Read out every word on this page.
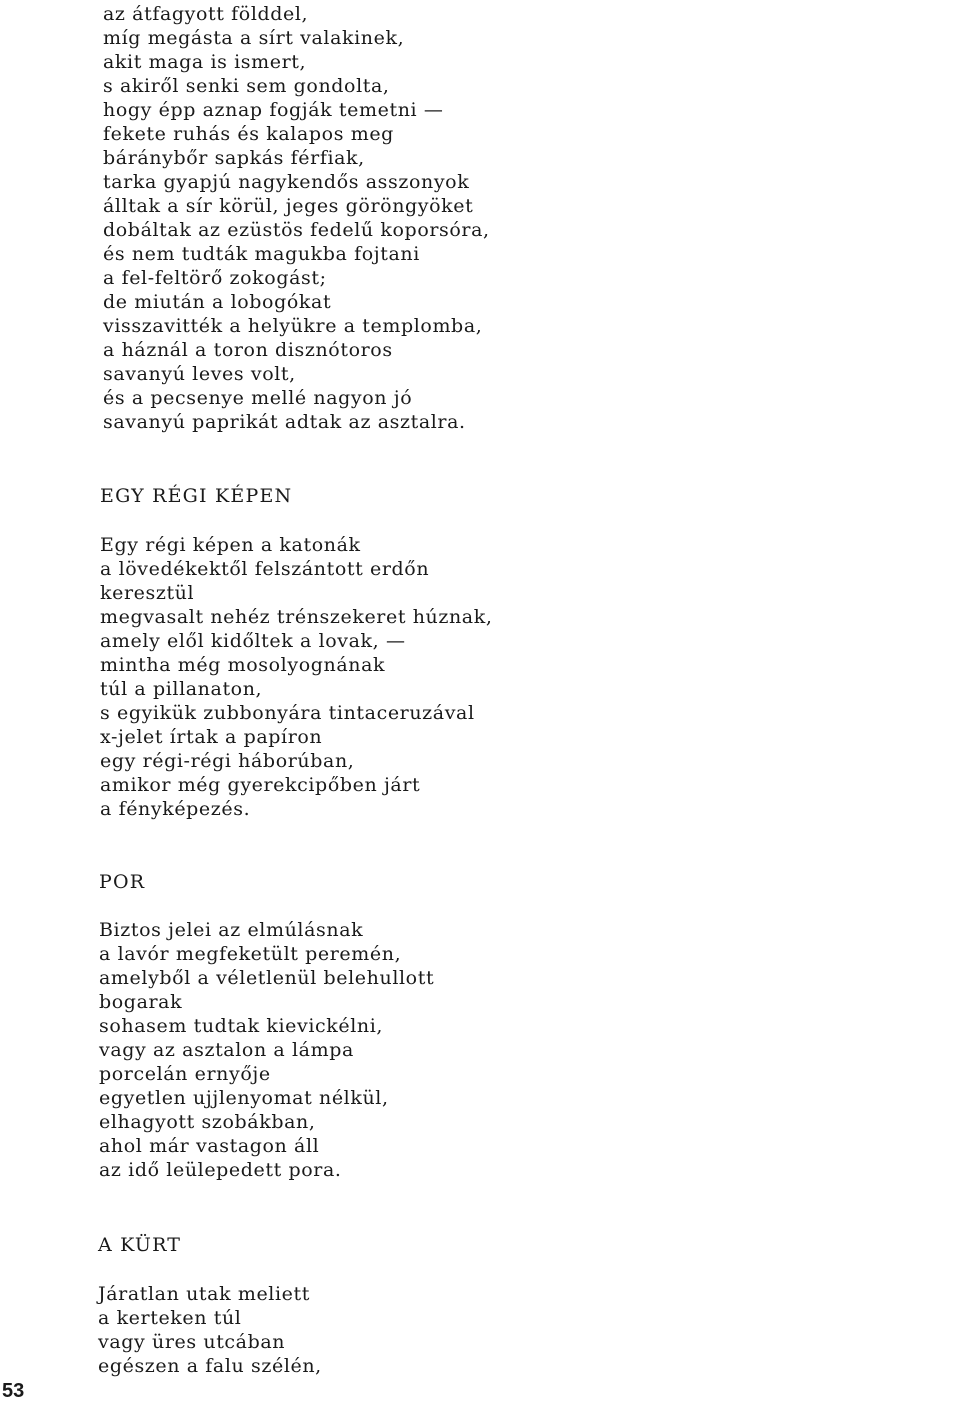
az átfagyott földdel,
míg megásta a sírt valakinek,
akit maga is ismert,
s akiről senki sem gondolta,
hogy épp aznap fogják temetni —
fekete ruhás és kalapos meg
báránybőr sapkás férfiak,
tarka gyapjú nagykendős asszonyok
álltak a sír körül, jeges göröngyöket
dobáltak az ezüstös fedelű koporsóra,
és nem tudták magukba fojtani
a fel-feltörő zokogást;
de miután a lobogókat
visszavitték a helyükre a templomba,
a háznál a toron disznótoros
savanyú leves volt,
és a pecsenye mellé nagyon jó
savanyú paprikát adtak az asztalra.
EGY RÉGI KÉPEN
Egy régi képen a katonák
a lövedékektől felszántott erdőn
keresztül
megvasalt nehéz trénszekeret húznak,
amely elől kidőltek a lovak, —
mintha még mosolyognának
túl a pillanaton,
s egyikük zubbonyára tintaceruzával
x-jelet írtak a papíron
egy régi-régi háborúban,
amikor még gyerekcipőben járt
a fényképezés.
POR
Biztos jelei az elmúlásnak
a lavór megfeketült peremén,
amelyből a véletlenül belehullott
bogarak
sohasem tudtak kievickélni,
vagy az asztalon a lámpa
porcelán ernyője
egyetlen ujjlenyomat nélkül,
elhagyott szobákban,
ahol már vastagon áll
az idő leülepedett pora.
A KÜRT
Járatlan utak meliett
a kerteken túl
vagy üres utcában
egészen a falu szélén,
53
